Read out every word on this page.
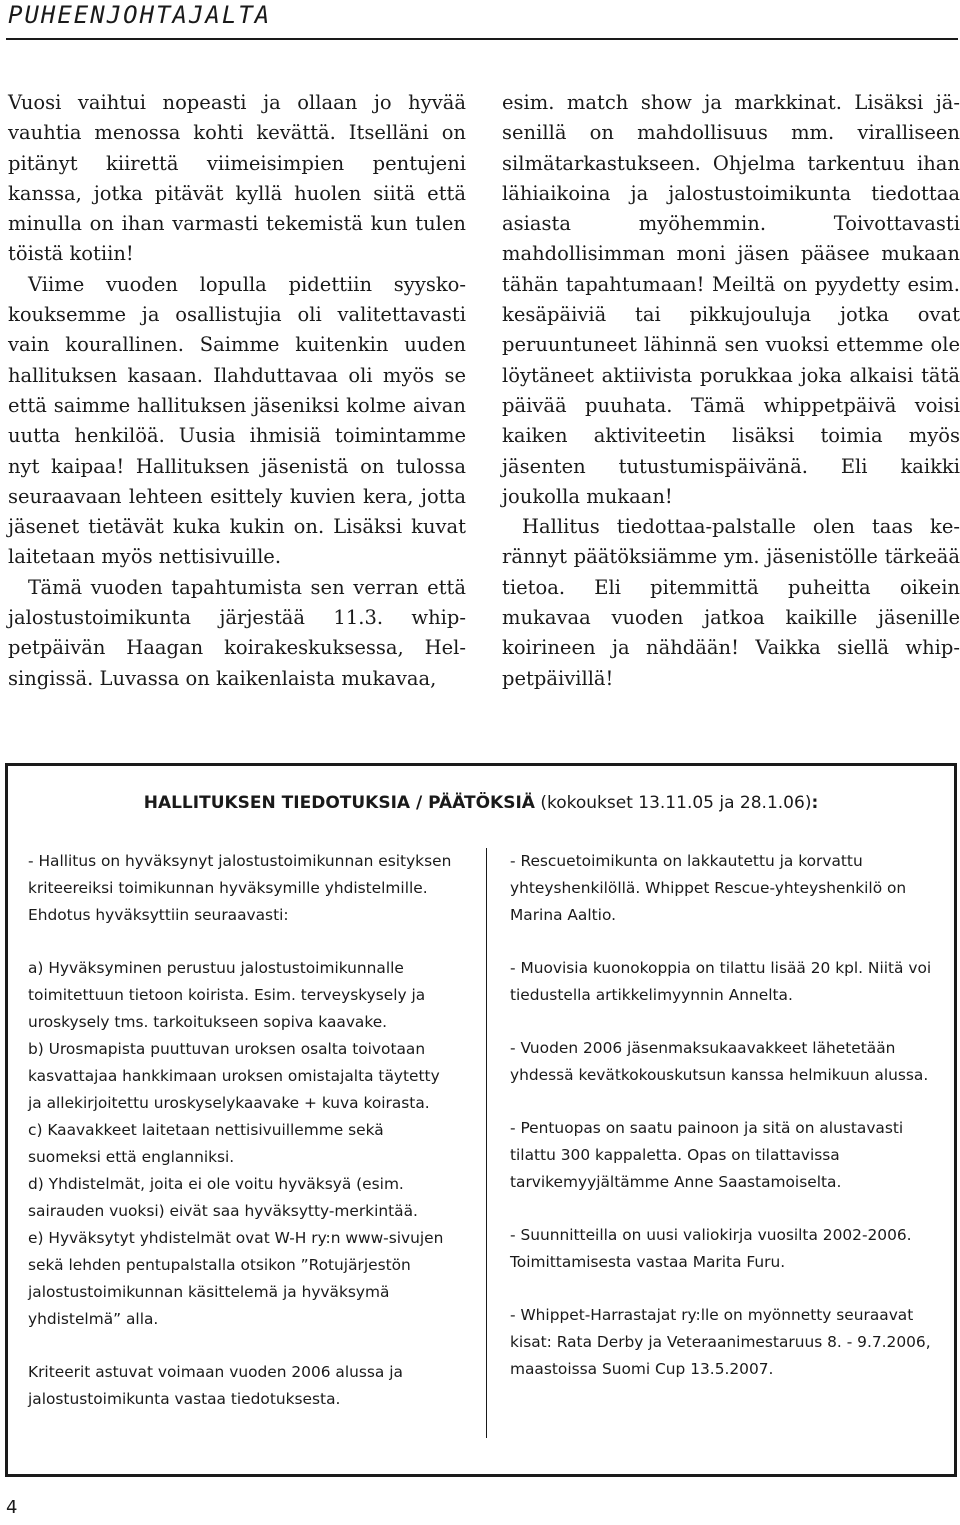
PUHEENJOHTAJALTA

Vuosi vaihtui nopeasti ja ollaan jo hyvää vauhtia menossa kohti kevättä. Itselläni on pitänyt kiirettä viimeisimpien pentujeni kanssa, jotka pitävät kyllä huolen siitä että minulla on ihan varmasti tekemistä kun tulen töistä kotiin!

Viime vuoden lopulla pidettiin syyskokouksemme ja osallistujia oli valitettavasti vain kourallinen. Saimme kuitenkin uuden hallituksen kasaan. Ilahduttavaa oli myös se että saimme hallituksen jäseniksi kolme aivan uutta henkilöä. Uusia ihmisiä toimintamme nyt kaipaa! Hallituksen jäsenistä on tulossa seuraavaan lehteen esittely kuvien kera, jotta jäsenet tietävät kuka kukin on. Lisäksi kuvat laitetaan myös nettisivuille.

Tämä vuoden tapahtumista sen verran että jalostustoimikunta järjestää 11.3. whippetpäivän Haagan koirakeskuksessa, Helsingissä. Luvassa on kaikenlaista mukavaa,

esim. match show ja markkinat. Lisäksi jäsenillä on mahdollisuus mm. viralliseen silmätarkastukseen. Ohjelma tarkentuu ihan lähiaikoina ja jalostustoimikunta tiedottaa asiasta myöhemmin. Toivottavasti mahdollisimman moni jäsen pääsee mukaan tähän tapahtumaan! Meiltä on pyydetty esim. kesäpäiviä tai pikkujouluja jotka ovat peruuntuneet lähinnä sen vuoksi ettemme ole löytäneet aktiivista porukkaa joka alkaisi tätä päivää puuhata. Tämä whippetpäivä voisi kaiken aktiviteetin lisäksi toimia myös jäsenten tutustumispäivänä. Eli kaikki joukolla mukaan!

Hallitus tiedottaa-palstalle olen taas kerännyt päätöksiämme ym. jäsenistölle tärkeää tietoa. Eli pitemmittä puheitta oikein mukavaa vuoden jatkoa kaikille jäsenille koirineen ja nähdään! Vaikka siellä whippetpäivillä!

HALLITUKSEN TIEDOTUKSIA / PÄÄTÖKSIÄ (kokoukset 13.11.05 ja 28.1.06):

- Hallitus on hyväksynyt jalostustoimikunnan esityksen kriteereiksi toimikunnan hyväksymille yhdistelmille. Ehdotus hyväksyttiin seuraavasti:

a) Hyväksyminen perustuu jalostustoimikunnalle toimitettuun tietoon koirista. Esim. terveyskysely ja uroskysely tms. tarkoitukseen sopiva kaavake.

b) Urosmapista puuttuvan uroksen osalta toivotaan kasvattajaa hankkimaan uroksen omistajalta täytetty ja allekirjoitettu uroskyselykaavake + kuva koirasta.

c) Kaavakkeet laitetaan nettisivuillemme sekä suomeksi että englanniksi.

d) Yhdistelmät, joita ei ole voitu hyväksyä (esim. sairauden vuoksi) eivät saa hyväksytty-merkintää.

e) Hyväksytyt yhdistelmät ovat W-H ry:n www-sivujen sekä lehden pentupalstalla otsikon ”Rotujärjestön jalostustoimikunnan käsittelemä ja hyväksymä yhdistelmä” alla.

Kriteerit astuvat voimaan vuoden 2006 alussa ja jalostustoimikunta vastaa tiedotuksesta.

- Rescuetoimikunta on lakkautettu ja korvattu yhteyshenkilöllä. Whippet Rescue-yhteyshenkilö on Marina Aaltio.

- Muovisia kuonokoppia on tilattu lisää 20 kpl. Niitä voi tiedustella artikkelimyynnin Annelta.

- Vuoden 2006 jäsenmaksukaavakkeet lähetetään yhdessä kevätkokouskutsun kanssa helmikuun alussa.

- Pentuopas on saatu painoon ja sitä on alustavasti tilattu 300 kappaletta. Opas on tilattavissa tarvikemyyjältämme Anne Saastamoiselta.

- Suunnitteilla on uusi valiokirja vuosilta 2002-2006. Toimittamisesta vastaa Marita Furu.

- Whippet-Harrastajat ry:lle on myönnetty seuraavat kisat: Rata Derby ja Veteraanimestaruus 8. - 9.7.2006, maastoissa Suomi Cup 13.5.2007.

4
